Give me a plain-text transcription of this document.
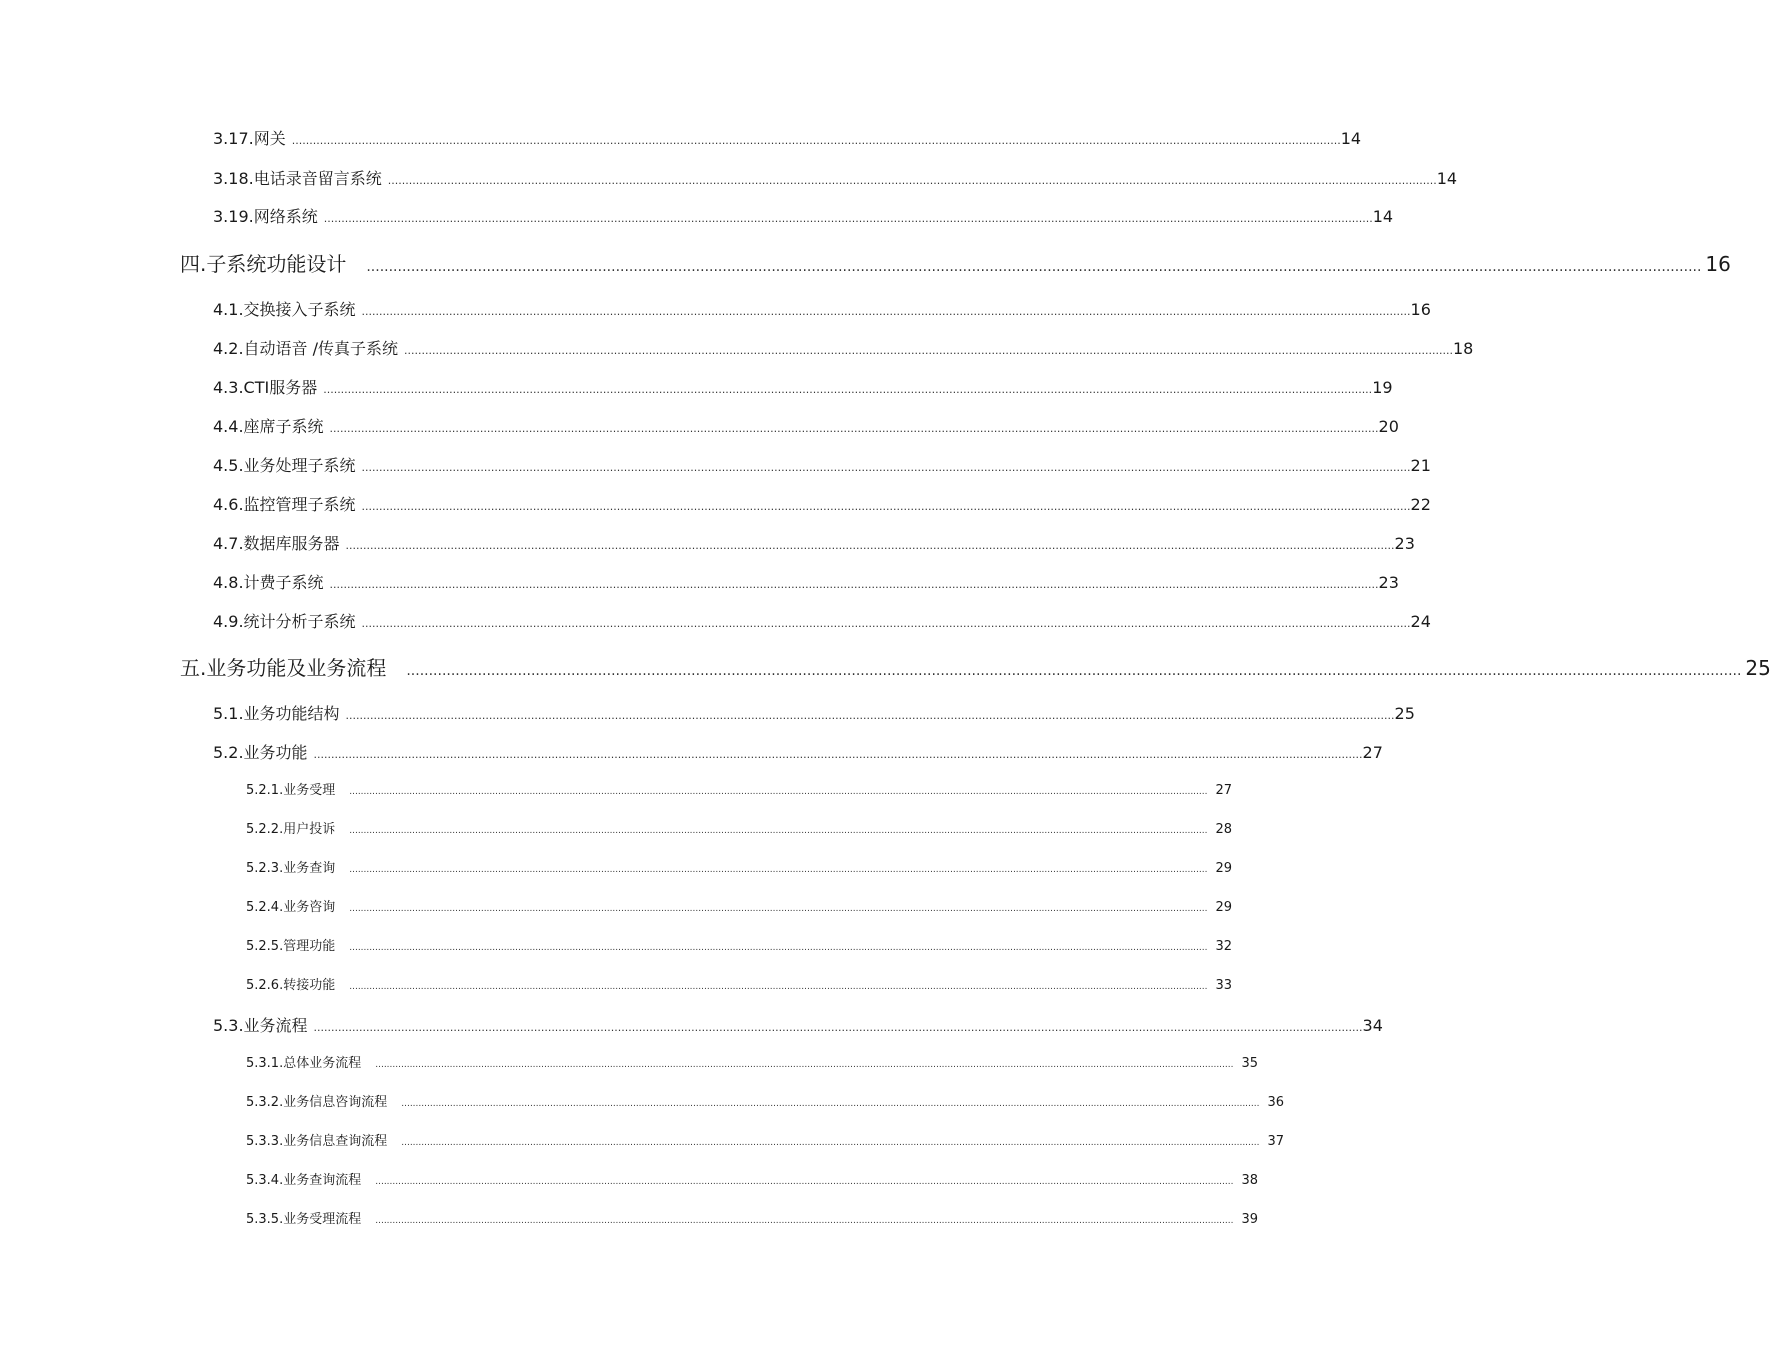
3.17. 网关 ............................................................................................................................................................................................................................................................................................................ 14
3.18. 电话录音留言系统 ............................................................................................................................................................................................................................................................................................................ 14
3.19. 网络系统 ............................................................................................................................................................................................................................................................................................................ 14
四. 子系统功能设计 ............................................................................................................................................................................................................................................................................................................ 16
4.1. 交换接入子系统 ............................................................................................................................................................................................................................................................................................................ 16
4.2. 自动语音 /传真子系统 ............................................................................................................................................................................................................................................................................................................ 18
4.3. CTI服务器 ............................................................................................................................................................................................................................................................................................................ 19
4.4. 座席子系统 ............................................................................................................................................................................................................................................................................................................ 20
4.5. 业务处理子系统 ............................................................................................................................................................................................................................................................................................................ 21
4.6. 监控管理子系统 ............................................................................................................................................................................................................................................................................................................ 22
4.7. 数据库服务器 ............................................................................................................................................................................................................................................................................................................ 23
4.8. 计费子系统 ............................................................................................................................................................................................................................................................................................................ 23
4.9. 统计分析子系统 ............................................................................................................................................................................................................................................................................................................ 24
五. 业务功能及业务流程 ............................................................................................................................................................................................................................................................................................................ 25
5.1. 业务功能结构 ............................................................................................................................................................................................................................................................................................................ 25
5.2. 业务功能 ............................................................................................................................................................................................................................................................................................................ 27
5.2.1. 业务受理 ............................................................................................................................................................................................................................................................................................................ 27
5.2.2. 用户投诉 ............................................................................................................................................................................................................................................................................................................ 28
5.2.3. 业务查询 ............................................................................................................................................................................................................................................................................................................ 29
5.2.4. 业务咨询 ............................................................................................................................................................................................................................................................................................................ 29
5.2.5. 管理功能 ............................................................................................................................................................................................................................................................................................................ 32
5.2.6. 转接功能 ............................................................................................................................................................................................................................................................................................................ 33
5.3. 业务流程 ............................................................................................................................................................................................................................................................................................................ 34
5.3.1. 总体业务流程 ............................................................................................................................................................................................................................................................................................................ 35
5.3.2. 业务信息咨询流程 ............................................................................................................................................................................................................................................................................................................ 36
5.3.3. 业务信息查询流程 ............................................................................................................................................................................................................................................................................................................ 37
5.3.4. 业务查询流程 ............................................................................................................................................................................................................................................................................................................ 38
5.3.5. 业务受理流程 ............................................................................................................................................................................................................................................................................................................ 39
